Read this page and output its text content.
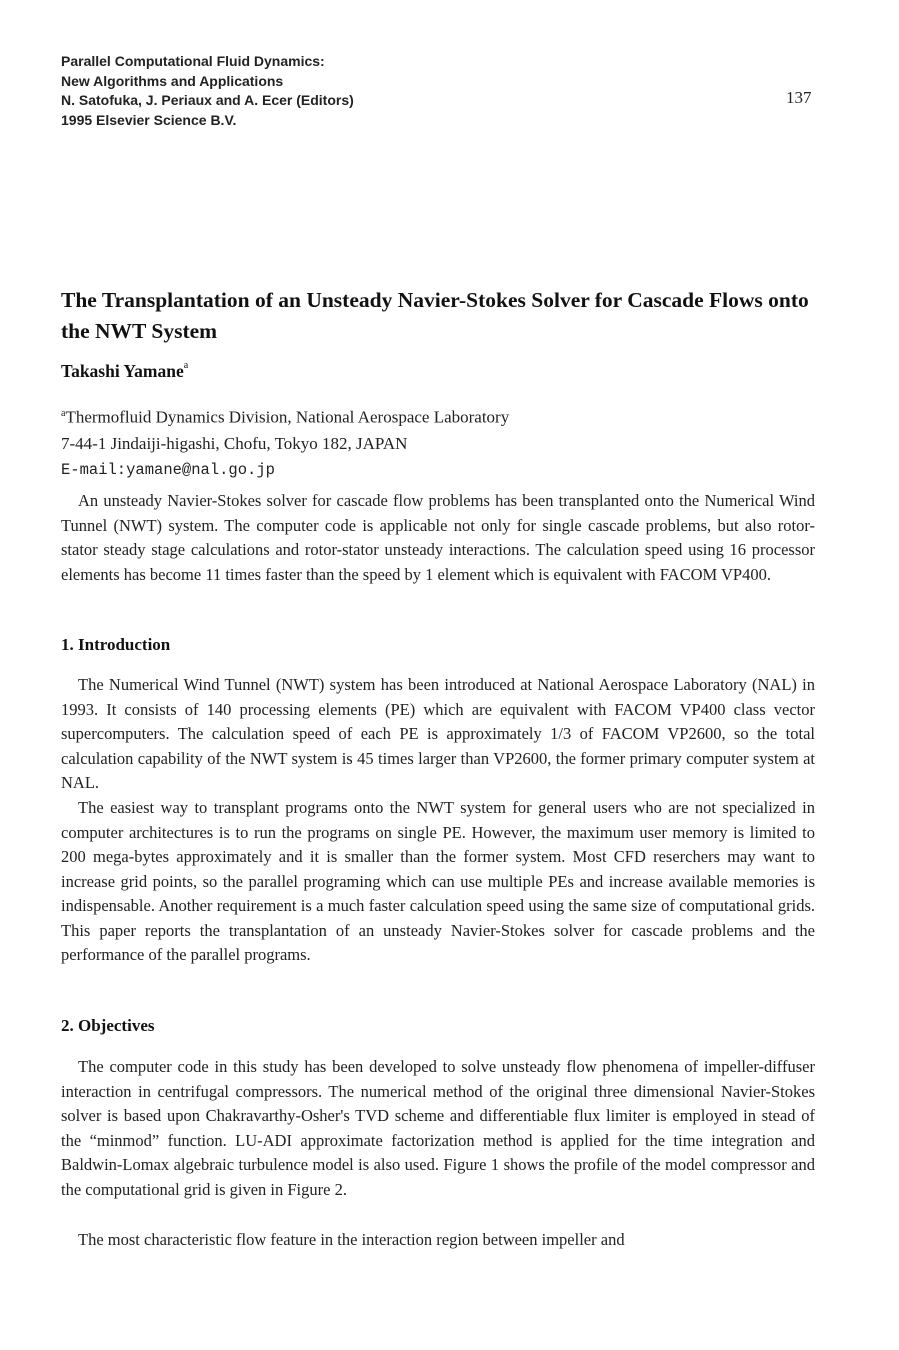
Parallel Computational Fluid Dynamics:
New Algorithms and Applications
N. Satofuka, J. Periaux and A. Ecer (Editors)
1995 Elsevier Science B.V.
137
The Transplantation of an Unsteady Navier-Stokes Solver for Cascade Flows onto the NWT System
Takashi Yamane$^a$
$^a$Thermofluid Dynamics Division, National Aerospace Laboratory
7-44-1 Jindaiji-higashi, Chofu, Tokyo 182, JAPAN
E-mail:yamane@nal.go.jp

An unsteady Navier-Stokes solver for cascade flow problems has been transplanted onto the Numerical Wind Tunnel (NWT) system. The computer code is applicable not only for single cascade problems, but also rotor-stator steady stage calculations and rotor-stator unsteady interactions. The calculation speed using 16 processor elements has become 11 times faster than the speed by 1 element which is equivalent with FACOM VP400.

1. Introduction

The Numerical Wind Tunnel (NWT) system has been introduced at National Aerospace Laboratory (NAL) in 1993. It consists of 140 processing elements (PE) which are equivalent with FACOM VP400 class vector supercomputers. The calculation speed of each PE is approximately 1/3 of FACOM VP2600, so the total calculation capability of the NWT system is 45 times larger than VP2600, the former primary computer system at NAL.

The easiest way to transplant programs onto the NWT system for general users who are not specialized in computer architectures is to run the programs on single PE. However, the maximum user memory is limited to 200 mega-bytes approximately and it is smaller than the former system. Most CFD reserchers may want to increase grid points, so the parallel programing which can use multiple PEs and increase available memories is indispensable. Another requirement is a much faster calculation speed using the same size of computational grids. This paper reports the transplantation of an unsteady Navier-Stokes solver for cascade problems and the performance of the parallel programs.

2. Objectives

The computer code in this study has been developed to solve unsteady flow phenomena of impeller-diffuser interaction in centrifugal compressors. The numerical method of the original three dimensional Navier-Stokes solver is based upon Chakravarthy-Osher's TVD scheme and differentiable flux limiter is employed in stead of the “minmod” function. LU-ADI approximate factorization method is applied for the time integration and Baldwin-Lomax algebraic turbulence model is also used. Figure 1 shows the profile of the model compressor and the computational grid is given in Figure 2.

The most characteristic flow feature in the interaction region between impeller and
